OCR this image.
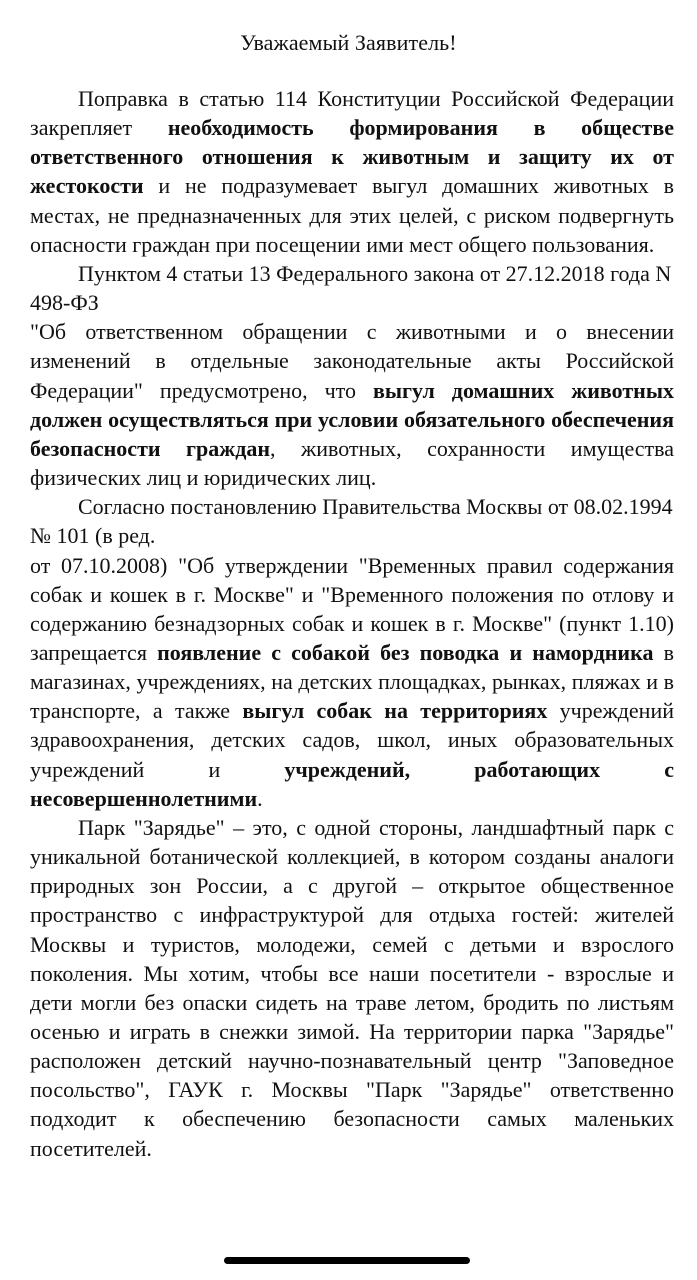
Уважаемый Заявитель!

Поправка в статью 114 Конституции Российской Федерации закрепляет необходимость формирования в обществе ответственного отношения к животным и защиту их от жестокости и не подразумевает выгул домашних животных в местах, не предназначенных для этих целей, с риском подвергнуть опасности граждан при посещении ими мест общего пользования.

Пунктом 4 статьи 13 Федерального закона от 27.12.2018 года N 498-ФЗ

"Об ответственном обращении с животными и о внесении изменений в отдельные законодательные акты Российской Федерации" предусмотрено, что выгул домашних животных должен осуществляться при условии обязательного обеспечения безопасности граждан, животных, сохранности имущества физических лиц и юридических лиц.

Согласно постановлению Правительства Москвы от 08.02.1994 № 101 (в ред.

от 07.10.2008) "Об утверждении "Временных правил содержания собак и кошек в г. Москве" и "Временного положения по отлову и содержанию безнадзорных собак и кошек в г. Москве" (пункт 1.10) запрещается появление с собакой без поводка и намордника в магазинах, учреждениях, на детских площадках, рынках, пляжах и в транспорте, а также выгул собак на территориях учреждений здравоохранения, детских садов, школ, иных образовательных учреждений и учреждений, работающих с несовершеннолетними.

Парк "Зарядье" – это, с одной стороны, ландшафтный парк с уникальной ботанической коллекцией, в котором созданы аналоги природных зон России, а с другой – открытое общественное пространство с инфраструктурой для отдыха гостей: жителей Москвы и туристов, молодежи, семей с детьми и взрослого поколения. Мы хотим, чтобы все наши посетители - взрослые и дети могли без опаски сидеть на траве летом, бродить по листьям осенью и играть в снежки зимой. На территории парка "Зарядье" расположен детский научно-познавательный центр "Заповедное посольство", ГАУК г. Москвы "Парк "Зарядье" ответственно подходит к обеспечению безопасности самых маленьких посетителей.
